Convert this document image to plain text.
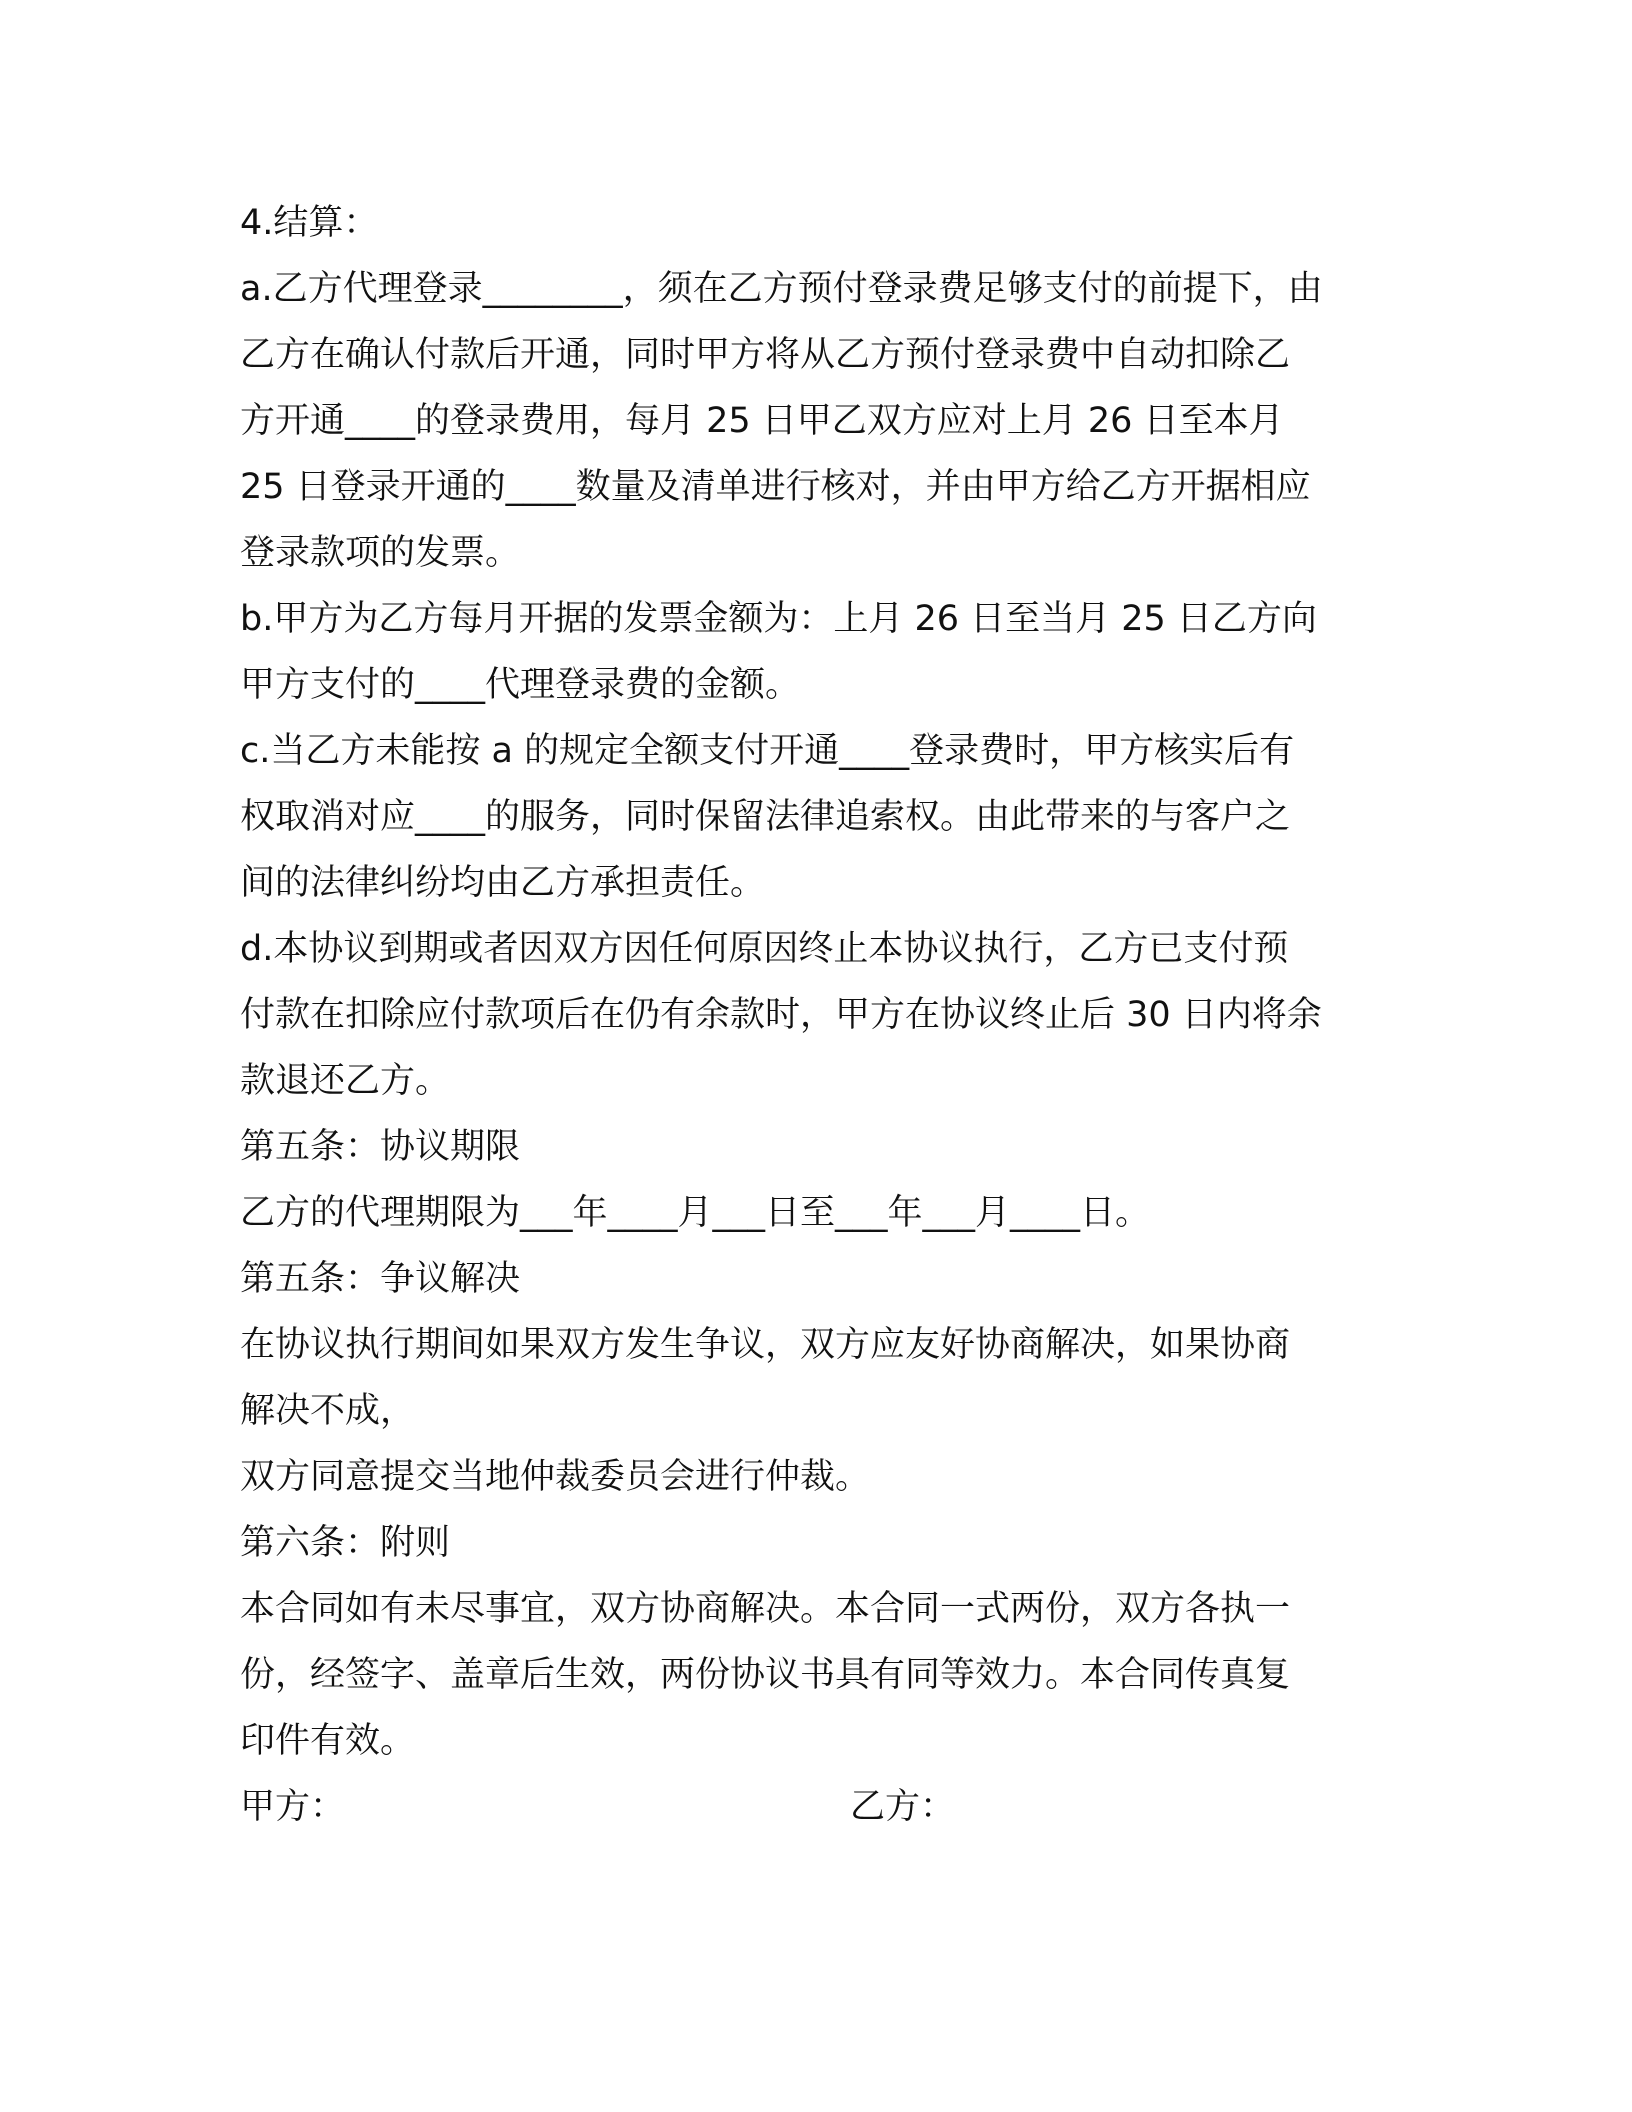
4.结算：
a.乙方代理登录________，须在乙方预付登录费足够支付的前提下，由
乙方在确认付款后开通，同时甲方将从乙方预付登录费中自动扣除乙
方开通____的登录费用，每月 25 日甲乙双方应对上月 26 日至本月
25 日登录开通的____数量及清单进行核对，并由甲方给乙方开据相应
登录款项的发票。
b.甲方为乙方每月开据的发票金额为：上月 26 日至当月 25 日乙方向
甲方支付的____代理登录费的金额。
c.当乙方未能按 a 的规定全额支付开通____登录费时，甲方核实后有
权取消对应____的服务，同时保留法律追索权。由此带来的与客户之
间的法律纠纷均由乙方承担责任。
d.本协议到期或者因双方因任何原因终止本协议执行，乙方已支付预
付款在扣除应付款项后在仍有余款时，甲方在协议终止后 30 日内将余
款退还乙方。
第五条：协议期限
乙方的代理期限为___年____月___日至___年___月____日。
第五条：争议解决
在协议执行期间如果双方发生争议，双方应友好协商解决，如果协商
解决不成，
双方同意提交当地仲裁委员会进行仲裁。
第六条：附则
本合同如有未尽事宜，双方协商解决。本合同一式两份，双方各执一
份，经签字、盖章后生效，两份协议书具有同等效力。本合同传真复
印件有效。
甲方：	乙方：
